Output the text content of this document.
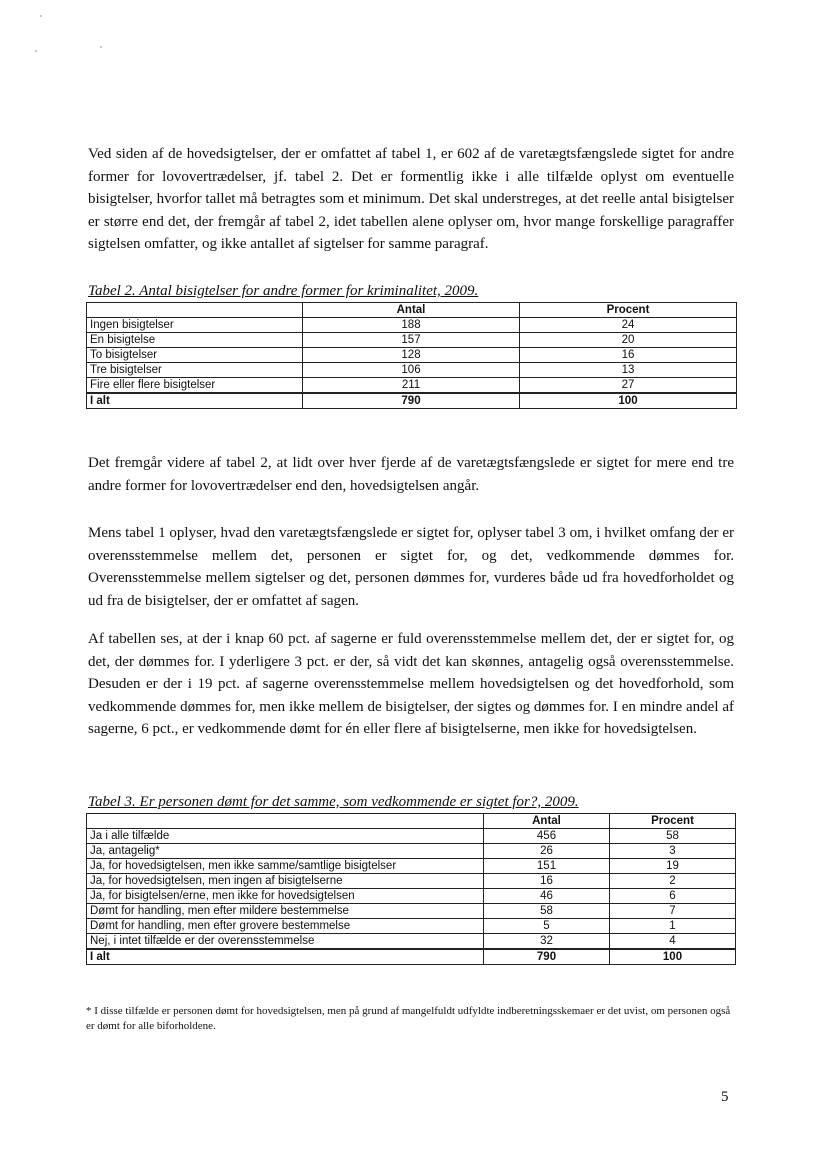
Ved siden af de hovedsigtelser, der er omfattet af tabel 1, er 602 af de varetægtsfængslede sigtet for andre former for lovovertrædelser, jf. tabel 2. Det er formentlig ikke i alle tilfælde oplyst om eventuelle bisigtelser, hvorfor tallet må betragtes som et minimum. Det skal understreges, at det reelle antal bisigtelser er større end det, der fremgår af tabel 2, idet tabellen alene oplyser om, hvor mange forskellige paragraffer sigtelsen omfatter, og ikke antallet af sigtelser for samme paragraf.

Tabel 2. Antal bisigtelser for andre former for kriminalitet, 2009.
	Antal	Procent
Ingen bisigtelser	188	24
En bisigtelse	157	20
To bisigtelser	128	16
Tre bisigtelser	106	13
Fire eller flere bisigtelser	211	27
I alt	790	100

Det fremgår videre af tabel 2, at lidt over hver fjerde af de varetægtsfængslede er sigtet for mere end tre andre former for lovovertrædelser end den, hovedsigtelsen angår.

Mens tabel 1 oplyser, hvad den varetægtsfængslede er sigtet for, oplyser tabel 3 om, i hvilket omfang der er overensstemmelse mellem det, personen er sigtet for, og det, vedkommende dømmes for. Overensstemmelse mellem sigtelser og det, personen dømmes for, vurderes både ud fra hovedforholdet og ud fra de bisigtelser, der er omfattet af sagen.

Af tabellen ses, at der i knap 60 pct. af sagerne er fuld overensstemmelse mellem det, der er sigtet for, og det, der dømmes for. I yderligere 3 pct. er der, så vidt det kan skønnes, antagelig også overensstemmelse. Desuden er der i 19 pct. af sagerne overensstemmelse mellem hovedsigtelsen og det hovedforhold, som vedkommende dømmes for, men ikke mellem de bisigtelser, der sigtes og dømmes for. I en mindre andel af sagerne, 6 pct., er vedkommende dømt for én eller flere af bisigtelserne, men ikke for hovedsigtelsen.

Tabel 3. Er personen dømt for det samme, som vedkommende er sigtet for?, 2009.
	Antal	Procent
Ja i alle tilfælde	456	58
Ja, antagelig*	26	3
Ja, for hovedsigtelsen, men ikke samme/samtlige bisigtelser	151	19
Ja, for hovedsigtelsen, men ingen af bisigtelserne	16	2
Ja, for bisigtelsen/erne, men ikke for hovedsigtelsen	46	6
Dømt for handling, men efter mildere bestemmelse	58	7
Dømt for handling, men efter grovere bestemmelse	5	1
Nej, i intet tilfælde er der overensstemmelse	32	4
I alt	790	100

* I disse tilfælde er personen dømt for hovedsigtelsen, men på grund af mangelfuldt udfyldte indberetningsskemaer er det uvist, om personen også er dømt for alle biforholdene.

5
